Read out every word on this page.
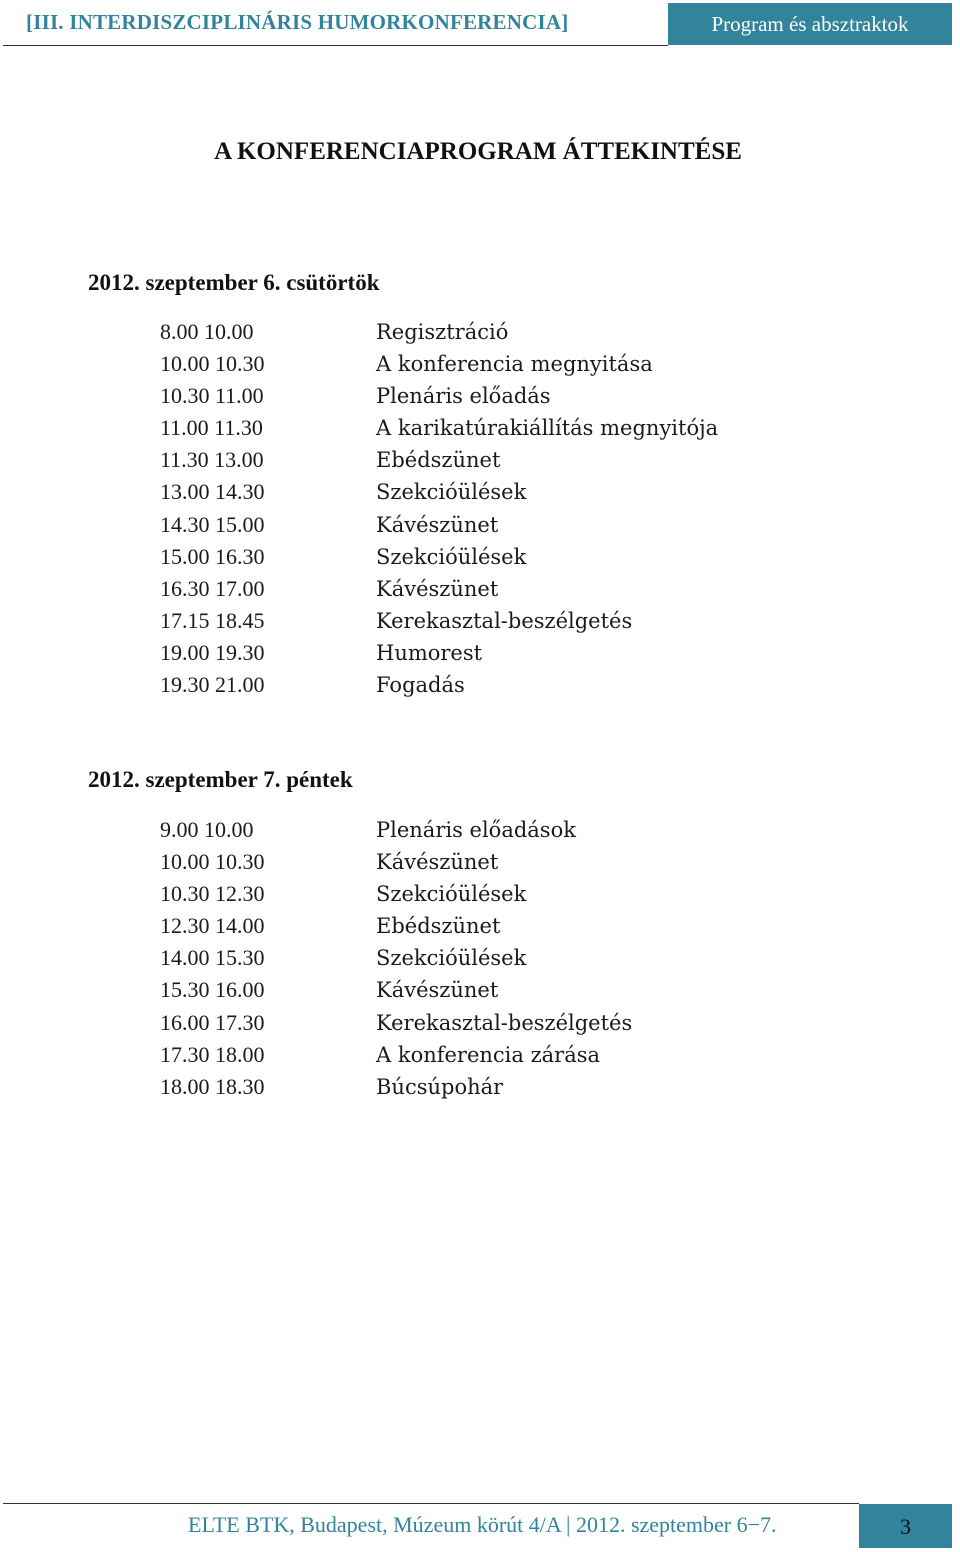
[III. INTERDISZCIPLINÁRIS HUMORKONFERENCIA]	Program és absztraktok
A KONFERENCIAPROGRAM ÁTTEKINTÉSE
2012. szeptember 6. csütörtök
8.00 10.00	Regisztráció
10.00 10.30	A konferencia megnyitása
10.30 11.00	Plenáris előadás
11.00 11.30	A karikatúrakiállítás megnyitója
11.30 13.00	Ebédszünet
13.00 14.30	Szekcióülések
14.30 15.00	Kávészünet
15.00 16.30	Szekcióülések
16.30 17.00	Kávészünet
17.15 18.45	Kerekasztal-beszélgetés
19.00 19.30	Humorest
19.30 21.00	Fogadás
2012. szeptember 7. péntek
9.00 10.00	Plenáris előadások
10.00 10.30	Kávészünet
10.30 12.30	Szekcióülések
12.30 14.00	Ebédszünet
14.00 15.30	Szekcióülések
15.30 16.00	Kávészünet
16.00 17.30	Kerekasztal-beszélgetés
17.30 18.00	A konferencia zárása
18.00 18.30	Búcsúpohár
ELTE BTK, Budapest, Múzeum körút 4/A | 2012. szeptember 6−7.	3
